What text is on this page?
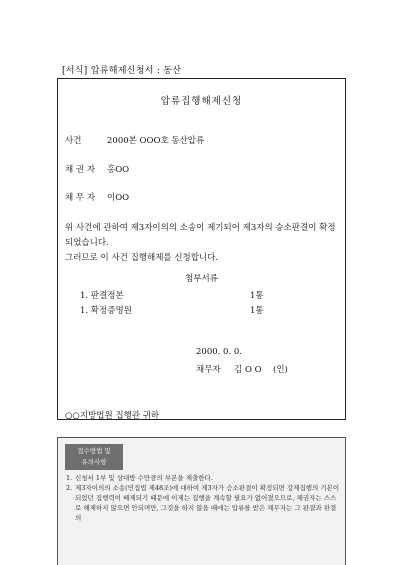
[서식] 압류해제신청서 : 동산
압류집행해제신청
사건	2000본 OOO호 동산압류
채 권 자 홍OO
채 무 자 이OO
위 사건에 관하여 제3자이의의 소송이 제기되어 제3자의 승소판결이 확정되었습니다.
그러므로 이 사건 집행해제를 신청합니다.
첨부서류
1. 판결정본	1통
1. 확정증명원	1통
2000. 0. 0.
채무자 김 O O (인)
○○지방법원 집행관 귀하
접수방법 및
유의사항
1. 신청서 1부 및 상대방 수만큼의 부본을 제출한다.
2. 제3자이의의 소송(민집법 제48조)에 대하여 제3자가 승소판결이 확정되면 강제집행의 기본이 되었던 집행력이 배제되기 때문에 이제는 집행을 계속할 필요가 없어졌으므로, 채권자는 스스로 해제하지 않으면 안되며만, 그것을 하지 않을 때에는 압류를 받은 채무자는 그 판결과 판결의
